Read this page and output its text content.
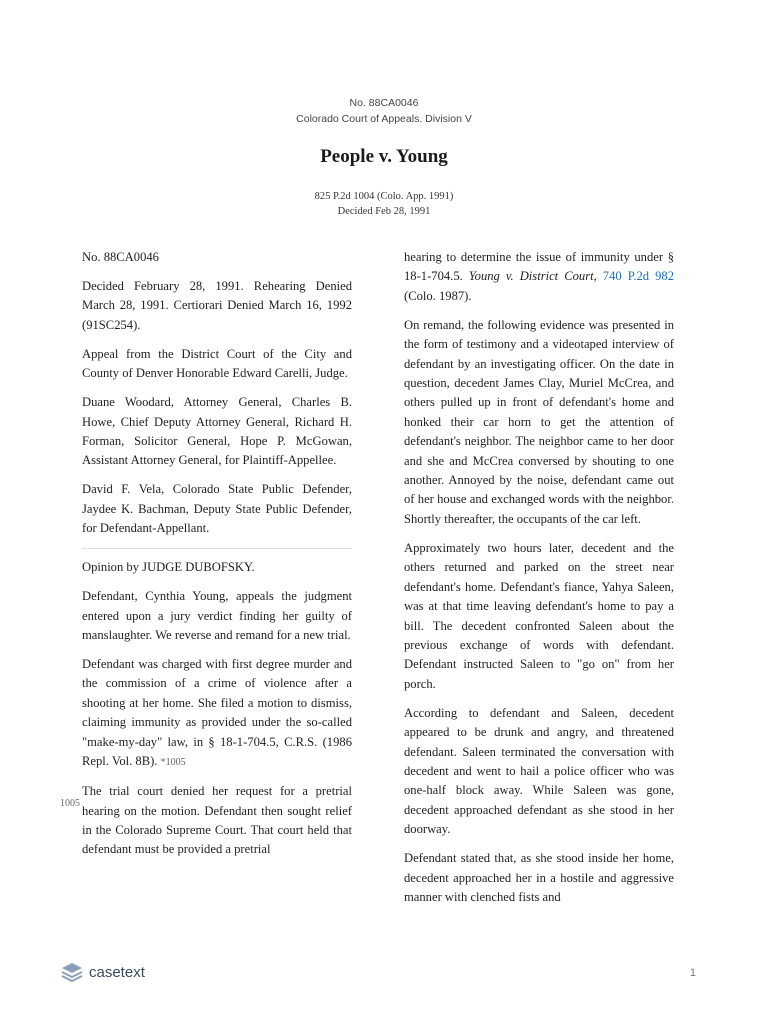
No. 88CA0046
Colorado Court of Appeals. Division V
People v. Young
825 P.2d 1004 (Colo. App. 1991)
Decided Feb 28, 1991

No. 88CA0046

Decided February 28, 1991. Rehearing Denied March 28, 1991. Certiorari Denied March 16, 1992 (91SC254).

Appeal from the District Court of the City and County of Denver Honorable Edward Carelli, Judge.

Duane Woodard, Attorney General, Charles B. Howe, Chief Deputy Attorney General, Richard H. Forman, Solicitor General, Hope P. McGowan, Assistant Attorney General, for Plaintiff-Appellee.

David F. Vela, Colorado State Public Defender, Jaydee K. Bachman, Deputy State Public Defender, for Defendant-Appellant.

Opinion by JUDGE DUBOFSKY.

Defendant, Cynthia Young, appeals the judgment entered upon a jury verdict finding her guilty of manslaughter. We reverse and remand for a new trial.

Defendant was charged with first degree murder and the commission of a crime of violence after a shooting at her home. She filed a motion to dismiss, claiming immunity as provided under the so-called "make-my-day" law, in § 18-1-704.5, C.R.S. (1986 Repl. Vol. 8B). *1005

The trial court denied her request for a pretrial hearing on the motion. Defendant then sought relief in the Colorado Supreme Court. That court held that defendant must be provided a pretrial

1005

hearing to determine the issue of immunity under § 18-1-704.5. Young v. District Court, 740 P.2d 982 (Colo. 1987).

On remand, the following evidence was presented in the form of testimony and a videotaped interview of defendant by an investigating officer. On the date in question, decedent James Clay, Muriel McCrea, and others pulled up in front of defendant's home and honked their car horn to get the attention of defendant's neighbor. The neighbor came to her door and she and McCrea conversed by shouting to one another. Annoyed by the noise, defendant came out of her house and exchanged words with the neighbor. Shortly thereafter, the occupants of the car left.

Approximately two hours later, decedent and the others returned and parked on the street near defendant's home. Defendant's fiance, Yahya Saleen, was at that time leaving defendant's home to pay a bill. The decedent confronted Saleen about the previous exchange of words with defendant. Defendant instructed Saleen to "go on" from her porch.

According to defendant and Saleen, decedent appeared to be drunk and angry, and threatened defendant. Saleen terminated the conversation with decedent and went to hail a police officer who was one-half block away. While Saleen was gone, decedent approached defendant as she stood in her doorway.

Defendant stated that, as she stood inside her home, decedent approached her in a hostile and aggressive manner with clenched fists and

casetext	1
